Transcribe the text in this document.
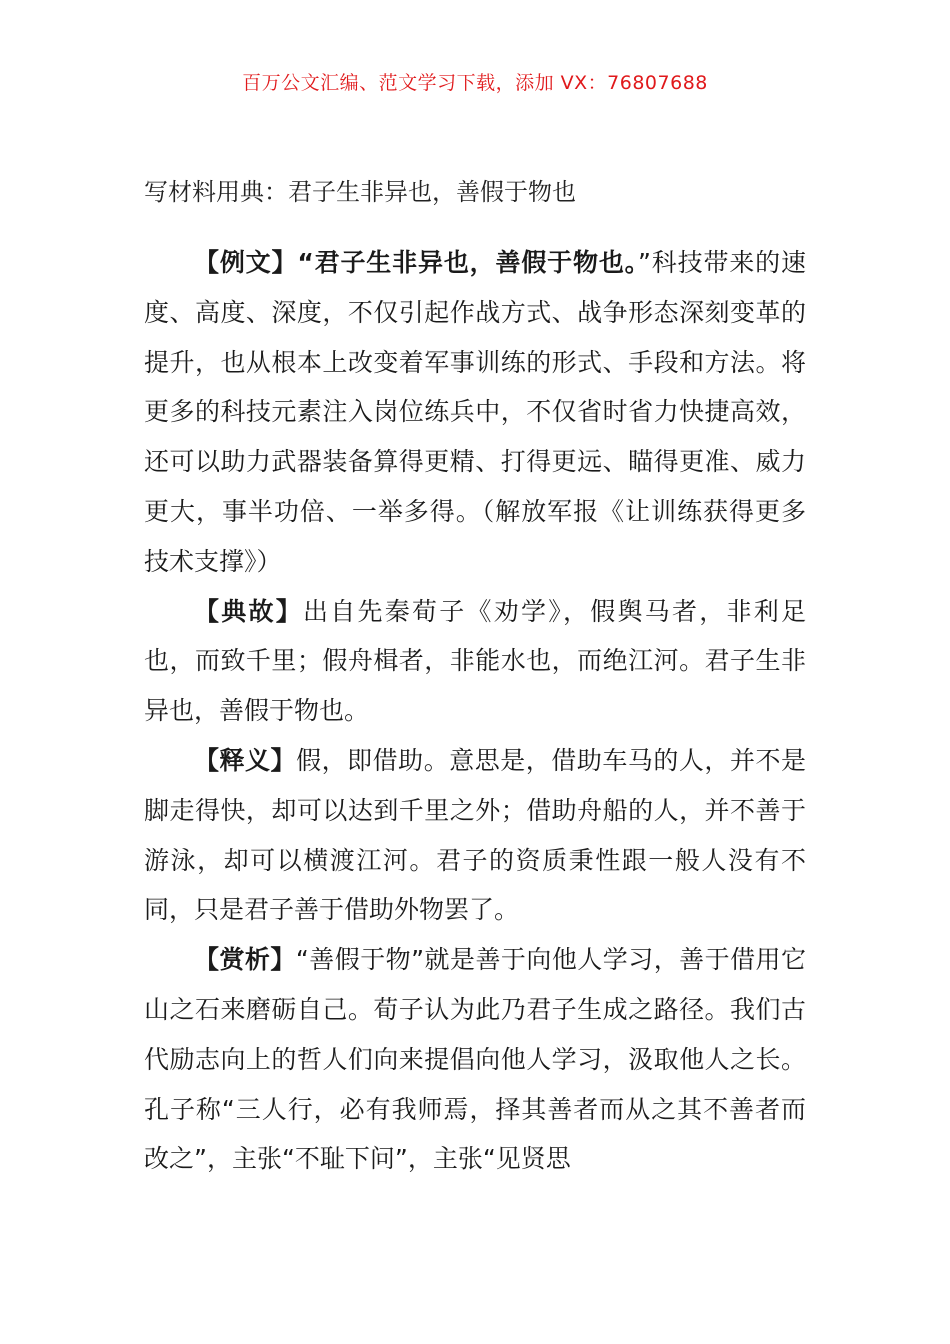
百万公文汇编、范文学习下载，添加 VX：76807688
写材料用典：君子生非异也，善假于物也

【例文】“君子生非异也，善假于物也。”科技带来的速度、高度、深度，不仅引起作战方式、战争形态深刻变革的提升，也从根本上改变着军事训练的形式、手段和方法。将更多的科技元素注入岗位练兵中，不仅省时省力快捷高效，还可以助力武器装备算得更精、打得更远、瞄得更准、威力更大，事半功倍、一举多得。（解放军报《让训练获得更多技术支撑》）

【典故】出自先秦荀子《劝学》，假舆马者，非利足也，而致千里；假舟楫者，非能水也，而绝江河。君子生非异也，善假于物也。

【释义】假，即借助。意思是，借助车马的人，并不是脚走得快，却可以达到千里之外；借助舟船的人，并不善于游泳，却可以横渡江河。君子的资质秉性跟一般人没有不同，只是君子善于借助外物罢了。

【赏析】“善假于物”就是善于向他人学习，善于借用它山之石来磨砺自己。荀子认为此乃君子生成之路径。我们古代励志向上的哲人们向来提倡向他人学习，汲取他人之长。孔子称“三人行，必有我师焉，择其善者而从之其不善者而改之”，主张“不耻下问”，主张“见贤思
